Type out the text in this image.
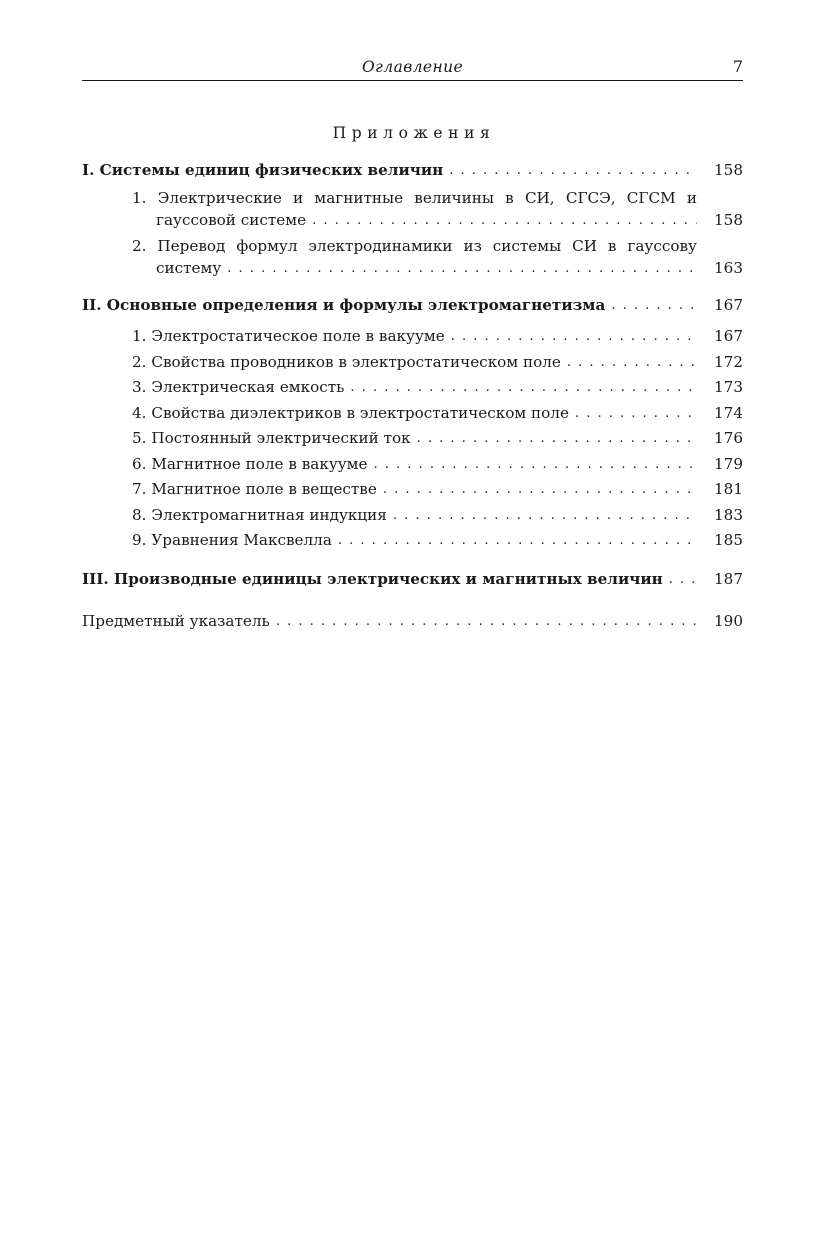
Оглавление	7
Приложения
I. Системы единиц физических величин . . .	158
1. Электрические и магнитные величины в СИ, СГСЭ, СГСМ и
гауссовой системе . . .	158
2. Перевод формул электродинамики из системы СИ в гауссову
систему . . .	163
II. Основные определения и формулы электромагнетизма . . .	167
1. Электростатическое поле в вакууме . . .	167
2. Свойства проводников в электростатическом поле . . .	172
3. Электрическая емкость . . .	173
4. Свойства диэлектриков в электростатическом поле . . .	174
5. Постоянный электрический ток . . .	176
6. Магнитное поле в вакууме . . .	179
7. Магнитное поле в веществе . . .	181
8. Электромагнитная индукция . . .	183
9. Уравнения Максвелла . . .	185
III. Производные единицы электрических и магнитных величин . . .	187
Предметный указатель . . .	190
